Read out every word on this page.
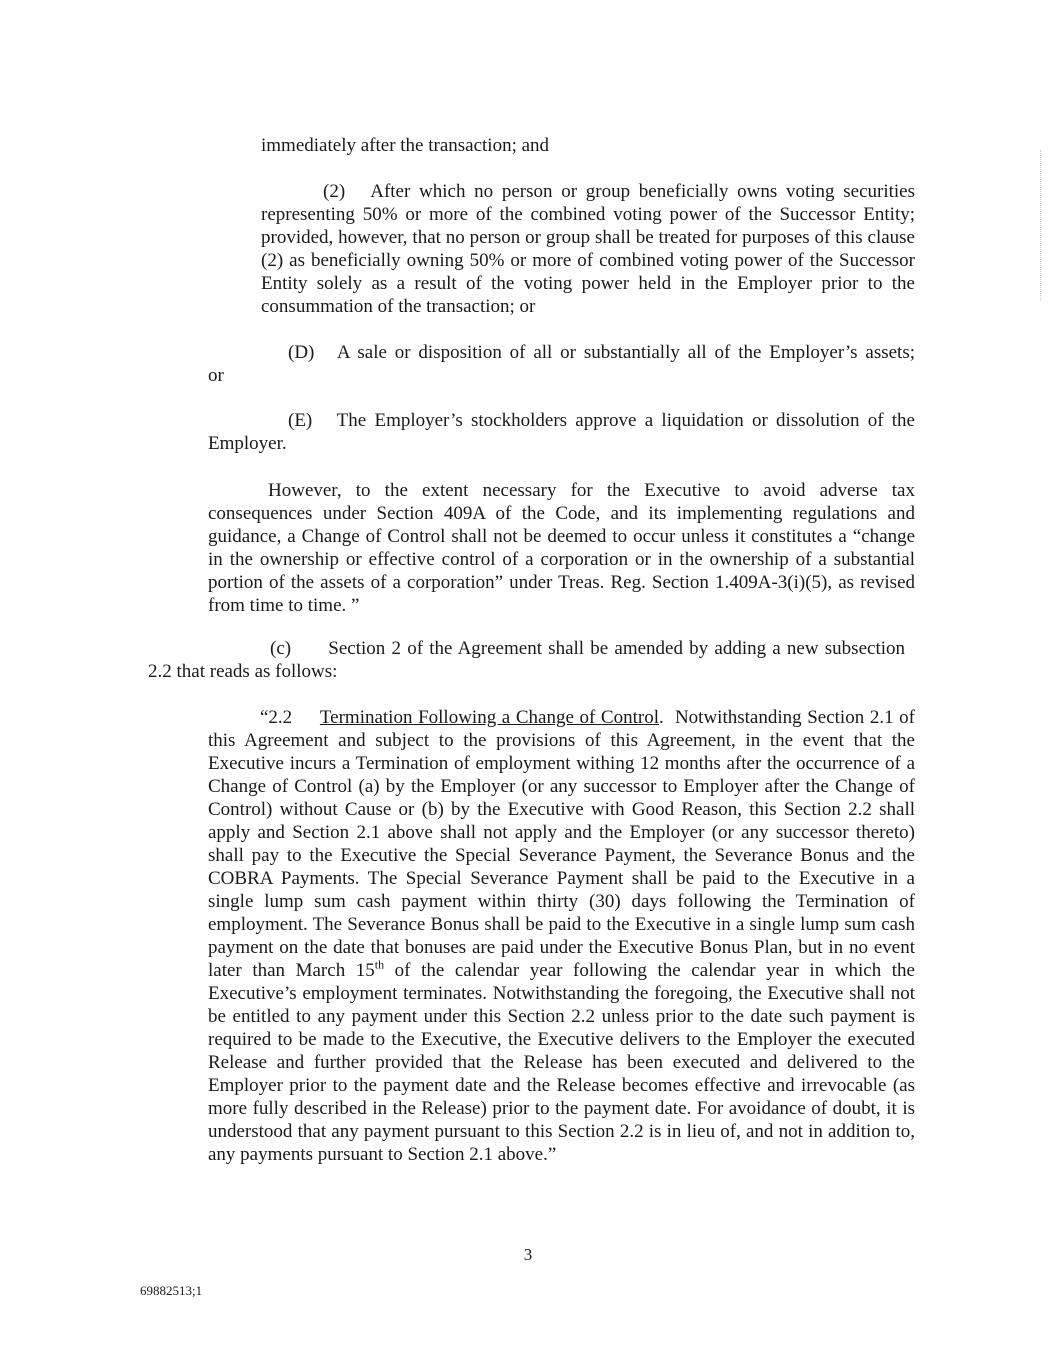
immediately after the transaction; and

(2) After which no person or group beneficially owns voting securities

representing 50% or more of the combined voting power of the Successor Entity; provided, however, that no person or group shall be treated for purposes of this clause (2) as beneficially owning 50% or more of combined voting power of the Successor Entity solely as a result of the voting power held in the Employer prior to the consummation of the transaction; or

(D) A sale or disposition of all or substantially all of the Employer’s assets;

or

(E) The Employer’s stockholders approve a liquidation or dissolution of the

Employer.

However, to the extent necessary for the Executive to avoid adverse tax consequences under Section 409A of the Code, and its implementing regulations and guidance, a Change of Control shall not be deemed to occur unless it constitutes a “change in the ownership or effective control of a corporation or in the ownership of a substantial portion of the assets of a corporation” under Treas. Reg. Section 1.409A-3(i)(5), as revised from time to time. ”

(c) Section 2 of the Agreement shall be amended by adding a new subsection

2.2 that reads as follows:

“2.2 Termination Following a Change of Control. Notwithstanding Section 2.1 of this Agreement and subject to the provisions of this Agreement, in the event that the Executive incurs a Termination of employment withing 12 months after the occurrence of a Change of Control (a) by the Employer (or any successor to Employer after the Change of Control) without Cause or (b) by the Executive with Good Reason, this Section 2.2 shall apply and Section 2.1 above shall not apply and the Employer (or any successor thereto) shall pay to the Executive the Special Severance Payment, the Severance Bonus and the COBRA Payments. The Special Severance Payment shall be paid to the Executive in a single lump sum cash payment within thirty (30) days following the Termination of employment. The Severance Bonus shall be paid to the Executive in a single lump sum cash payment on the date that bonuses are paid under the Executive Bonus Plan, but in no event later than March 15th of the calendar year following the calendar year in which the Executive’s employment terminates. Notwithstanding the foregoing, the Executive shall not be entitled to any payment under this Section 2.2 unless prior to the date such payment is required to be made to the Executive, the Executive delivers to the Employer the executed Release and further provided that the Release has been executed and delivered to the Employer prior to the payment date and the Release becomes effective and irrevocable (as more fully described in the Release) prior to the payment date. For avoidance of doubt, it is understood that any payment pursuant to this Section 2.2 is in lieu of, and not in addition to, any payments pursuant to Section 2.1 above.”

3
69882513;1
